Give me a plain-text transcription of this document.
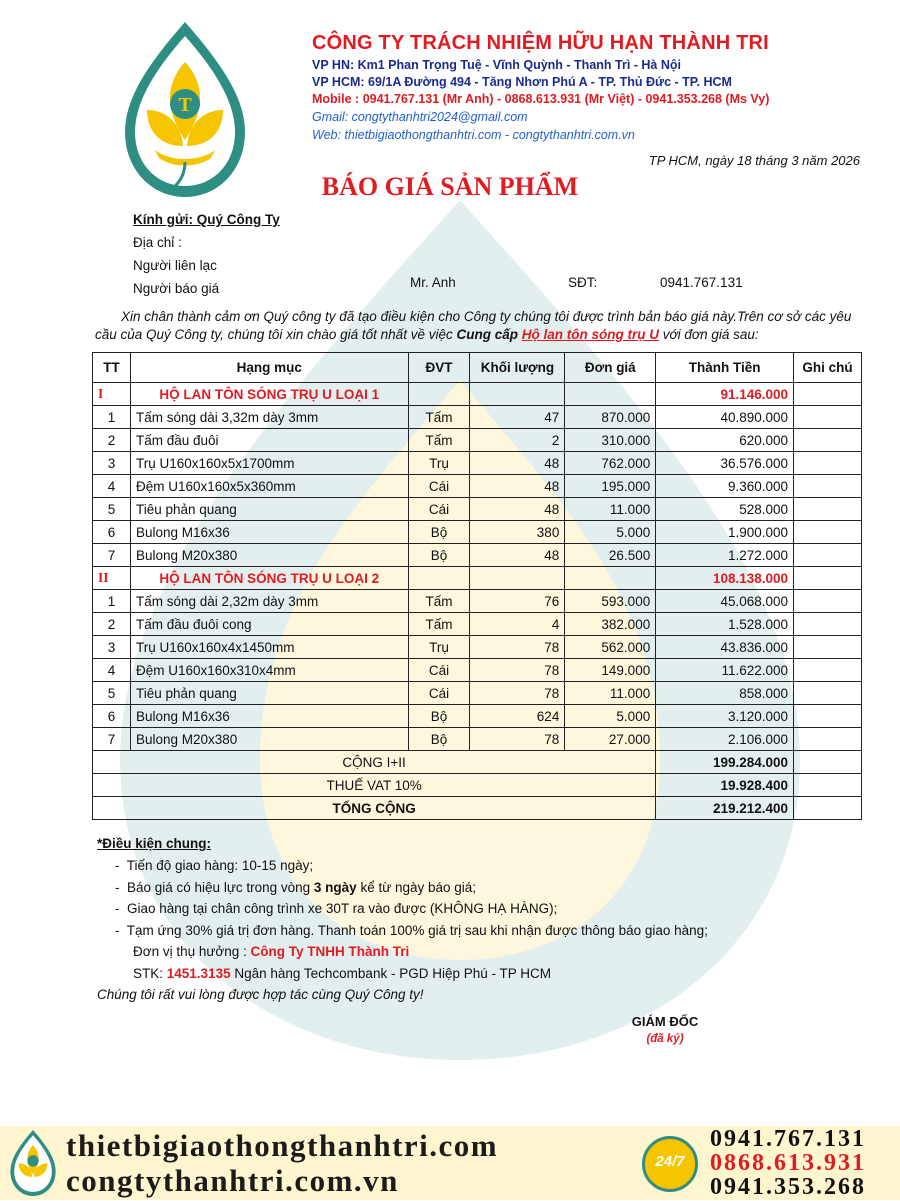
T
CÔNG TY TRÁCH NHIỆM HỮU HẠN THÀNH TRI
VP HN: Km1 Phan Trọng Tuệ - Vĩnh Quỳnh - Thanh Trì - Hà Nội
VP HCM: 69/1A Đường 494 - Tăng Nhơn Phú A - TP. Thủ Đức - TP. HCM
Mobile : 0941.767.131 (Mr Anh) - 0868.613.931 (Mr Việt) - 0941.353.268 (Ms Vy)
Gmail: congtythanhtri2024@gmail.com
Web: thietbigiaothongthanhtri.com - congtythanhtri.com.vn
TP HCM, ngày 18 tháng 3 năm 2026
BÁO GIÁ SẢN PHẨM
Kính gửi: Quý Công Ty
Địa chỉ :
Người liên lạc
Người báo giá	Mr. Anh	SĐT:	0941.767.131
Xin chân thành cảm ơn Quý công ty đã tạo điều kiện cho Công ty chúng tôi được trình bản báo giá này.Trên cơ sở các yêu cầu của Quý Công ty, chúng tôi xin chào giá tốt nhất về việc Cung cấp Hộ lan tôn sóng trụ U với đơn giá sau:
TT	Hạng mục	ĐVT	Khối lượng	Đơn giá	Thành Tiền	Ghi chú
I	HỘ LAN TÔN SÓNG TRỤ U LOẠI 1				91.146.000	
1	Tấm sóng dài 3,32m dày 3mm	Tấm	47	870.000	40.890.000	
2	Tấm đầu đuôi	Tấm	2	310.000	620.000	
3	Trụ U160x160x5x1700mm	Trụ	48	762.000	36.576.000	
4	Đệm U160x160x5x360mm	Cái	48	195.000	9.360.000	
5	Tiêu phản quang	Cái	48	11.000	528.000	
6	Bulong M16x36	Bộ	380	5.000	1.900.000	
7	Bulong M20x380	Bộ	48	26.500	1.272.000	
II	HỘ LAN TÔN SÓNG TRỤ U LOẠI 2				108.138.000	
1	Tấm sóng dài 2,32m dày 3mm	Tấm	76	593.000	45.068.000	
2	Tấm đầu đuôi cong	Tấm	4	382.000	1.528.000	
3	Trụ U160x160x4x1450mm	Trụ	78	562.000	43.836.000	
4	Đệm U160x160x310x4mm	Cái	78	149.000	11.622.000	
5	Tiêu phản quang	Cái	78	11.000	858.000	
6	Bulong M16x36	Bộ	624	5.000	3.120.000	
7	Bulong M20x380	Bộ	78	27.000	2.106.000	
CỘNG I+II					199.284.000	
THUẾ VAT 10%					19.928.400	
TỔNG CỘNG					219.212.400	
*Điều kiện chung:
-  Tiến độ giao hàng: 10-15 ngày;
-  Báo giá có hiệu lực trong vòng 3 ngày kể từ ngày báo giá;
-  Giao hàng tại chân công trình xe 30T ra vào được (KHÔNG HẠ HÀNG);
-  Tạm ứng 30% giá trị đơn hàng. Thanh toán 100% giá trị sau khi nhận được thông báo giao hàng;
Đơn vị thụ hưởng : Công Ty TNHH Thành Tri
STK: 1451.3135 Ngân hàng Techcombank - PGD Hiệp Phú - TP HCM
Chúng tôi rất vui lòng được hợp tác cùng Quý Công ty!
GIÁM ĐỐC
(đã ký)
thietbigiaothongthanhtri.com
congtythanhtri.com.vn
24/7
0941.767.131
0868.613.931
0941.353.268
